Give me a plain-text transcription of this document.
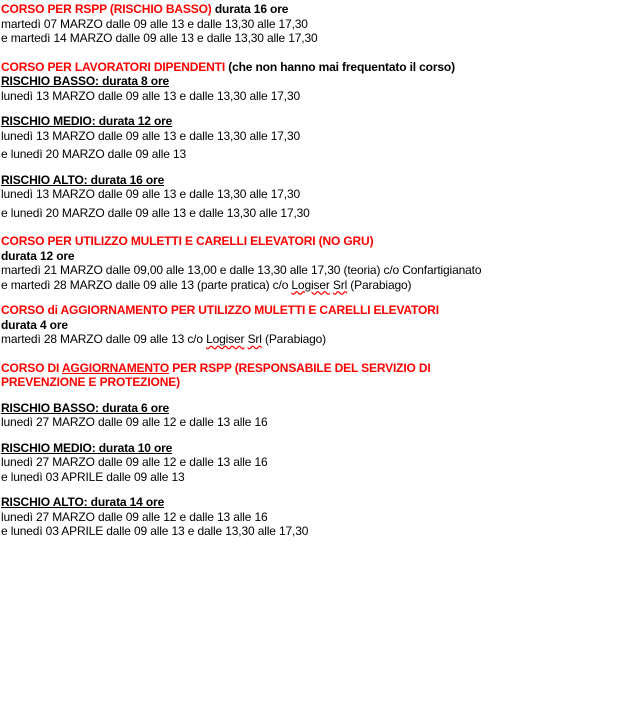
CORSO PER RSPP (RISCHIO BASSO) durata 16 ore
martedì 07 MARZO dalle 09 alle 13 e dalle 13,30 alle 17,30
e martedì 14 MARZO dalle 09 alle 13 e dalle 13,30 alle 17,30
CORSO PER LAVORATORI DIPENDENTI (che non hanno mai frequentato il corso)
RISCHIO BASSO: durata 8 ore
lunedì 13 MARZO dalle 09 alle 13 e dalle 13,30 alle 17,30
RISCHIO MEDIO: durata 12 ore
lunedì 13 MARZO dalle 09 alle 13 e dalle 13,30 alle 17,30
e lunedì 20 MARZO dalle 09 alle 13
RISCHIO ALTO: durata 16 ore
lunedì 13 MARZO dalle 09 alle 13 e dalle 13,30 alle 17,30
e lunedì 20 MARZO dalle 09 alle 13 e dalle 13,30 alle 17,30
CORSO PER UTILIZZO MULETTI E CARELLI ELEVATORI (NO GRU)
durata 12 ore
martedì 21 MARZO dalle 09,00 alle 13,00 e dalle 13,30 alle 17,30 (teoria) c/o Confartigianato
e martedì 28 MARZO dalle 09 alle 13 (parte pratica) c/o Logiser Srl (Parabiago)
CORSO di AGGIORNAMENTO PER UTILIZZO MULETTI E CARELLI ELEVATORI
durata 4 ore
martedì 28 MARZO dalle 09 alle 13 c/o Logiser Srl (Parabiago)
CORSO DI AGGIORNAMENTO PER RSPP (RESPONSABILE DEL SERVIZIO DI
PREVENZIONE E PROTEZIONE)
RISCHIO BASSO: durata 6 ore
lunedì 27 MARZO dalle 09 alle 12 e dalle 13 alle 16
RISCHIO MEDIO: durata 10 ore
lunedì 27 MARZO dalle 09 alle 12 e dalle 13 alle 16
e lunedì 03 APRILE dalle 09 alle 13
RISCHIO ALTO: durata 14 ore
lunedì 27 MARZO dalle 09 alle 12 e dalle 13 alle 16
e lunedì 03 APRILE dalle 09 alle 13 e dalle 13,30 alle 17,30
